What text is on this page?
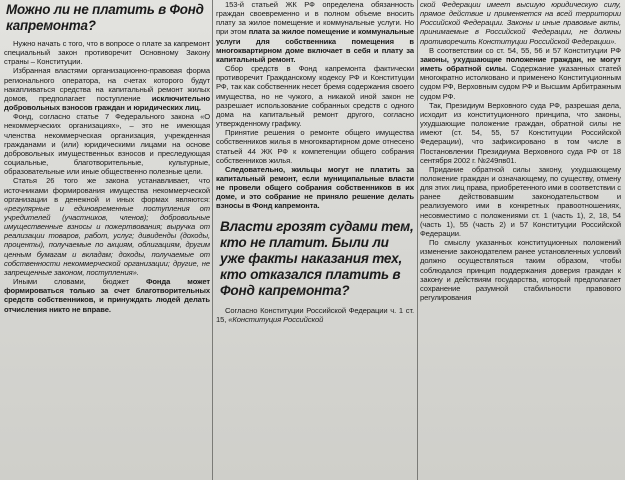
Можно ли не платить в Фонд капремонта?

Нужно начать с того, что в вопросе о плате за капремонт специальный закон противоречит Основному Закону страны – Конституции.

Избранная властями организационно-правовая форма регионального оператора, на счетах которого будут накапливаться средства на капитальный ремонт жилых домов, предполагает поступление исключительно добровольных взносов граждан и юридических лиц.

Фонд, согласно статье 7 Федерального закона «О некоммерческих организациях», – это не имеющая членства некоммерческая организация, учрежденная гражданами и (или) юридическими лицами на основе добровольных имущественных взносов и преследующая социальные, благотворительные, культурные, образовательные или иные общественно полезные цели.

Статья 26 того же закона устанавливает, что источниками формирования имущества некоммерческой организации в денежной и иных формах являются: «регулярные и единовременные поступления от учредителей (участников, членов); добровольные имущественные взносы и пожертвования; выручка от реализации товаров, работ, услуг; дивиденды (доходы, проценты), получаемые по акциям, облигациям, другим ценным бумагам и вкладам; доходы, получаемые от собственности некоммерческой организации; другие, не запрещенные законом, поступления».

Иными словами, бюджет Фонда может формироваться только за счет благотворительных средств собственников, и принуждать людей делать отчисления никто не вправе.

153-й статьей ЖК РФ определена обязанность граждан своевременно и в полном объеме вносить плату за жилое помещение и коммунальные услуги. Но при этом плата за жилое помещение и коммунальные услуги для собственника помещения в многоквартирном доме включает в себя и плату за капитальный ремонт.

Сбор средств в Фонд капремонта фактически противоречит Гражданскому кодексу РФ и Конституции РФ, так как собственник несет бремя содержания своего имущества, но не чужого, а никакой иной закон не разрешает использование собранных средств с одного дома на капитальный ремонт другого, согласно утвержденному графику.

Принятие решения о ремонте общего имущества собственников жилья в многоквартирном доме отнесено статьей 44 ЖК РФ к компетенции общего собрания собственников жилья.

Следовательно, жильцы могут не платить за капитальный ремонт, если муниципальные власти не провели общего собрания собственников в их доме, и это собрание не приняло решение делать взносы в Фонд капремонта.

Власти грозят судами тем, кто не платит. Были ли уже факты наказания тех, кто отказался платить в Фонд капремонта?

Согласно Конституции Российской Федерации ч. 1 ст. 15, «Конституция Российской

ской Федерации имеет высшую юридическую силу, прямое действие и применяется на всей территории Российской Федерации. Законы и иные правовые акты, принимаемые в Российской Федерации, не должны противоречить Конституции Российской Федерации».

В соответствии со ст. 54, 55, 56 и 57 Конституции РФ законы, ухудшающие положение граждан, не могут иметь обратной силы. Содержание указанных статей многократно истолковано и применено Конституционным судом РФ, Верховным судом РФ и Высшим Арбитражным судом РФ.

Так, Президиум Верховного суда РФ, разрешая дела, исходит из конституционного принципа, что законы, ухудшающие положение граждан, обратной силы не имеют (ст. 54, 55, 57 Конституции Российской Федерации), что зафиксировано в том числе в Постановлении Президиума Верховного суда РФ от 18 сентября 2002 г. №249пв01.

Придание обратной силы закону, ухудшающему положение граждан и означающему, по существу, отмену для этих лиц права, приобретенного ими в соответствии с ранее действовавшим законодательством и реализуемого ими в конкретных правоотношениях, несовместимо с положениями ст. 1 (часть 1), 2, 18, 54 (часть 1), 55 (часть 2) и 57 Конституции Российской Федерации.

По смыслу указанных конституционных положений изменение законодателем ранее установленных условий должно осуществляться таким образом, чтобы соблюдался принцип поддержания доверия граждан к закону и действиям государства, который предполагает сохранение разумной стабильности правового регулирования
